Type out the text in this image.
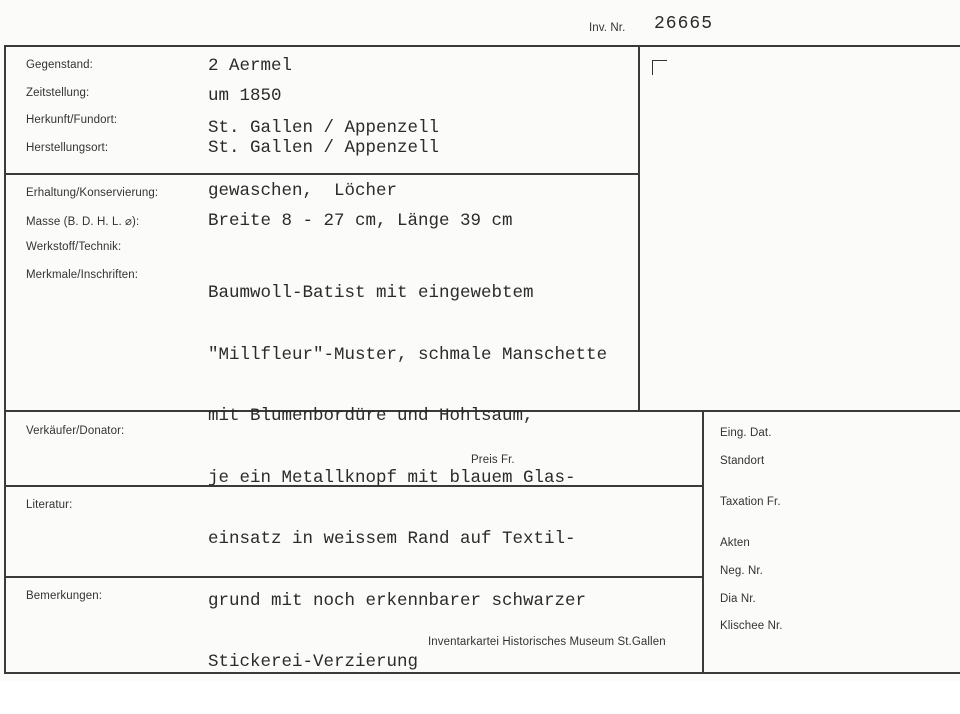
Inv. Nr. 26665
Gegenstand:
Zeitstellung:
Herkunft/Fundort:
Herstellungsort:
2 Aermel
um 1850
St. Gallen / Appenzell
St. Gallen / Appenzell
Erhaltung/Konservierung:
Masse (B. D. H. L. ⌀):
Werkstoff/Technik:
Merkmale/Inschriften:
gewaschen,  Löcher
Breite 8 - 27 cm, Länge 39 cm

Baumwoll-Batist mit eingewebtem

"Millfleur"-Muster, schmale Manschette

mit Blumenbordüre und Hohlsaum,

je ein Metallknopf mit blauem Glas-

einsatz in weissem Rand auf Textil-

grund mit noch erkennbarer schwarzer

Stickerei-Verzierung

Verkäufer/Donator:
Preis Fr.
Literatur:
Bemerkungen:
Inventarkartei Historisches Museum St.Gallen
Eing. Dat.
Standort
Taxation Fr.
Akten
Neg. Nr.
Dia Nr.
Klischee Nr.
